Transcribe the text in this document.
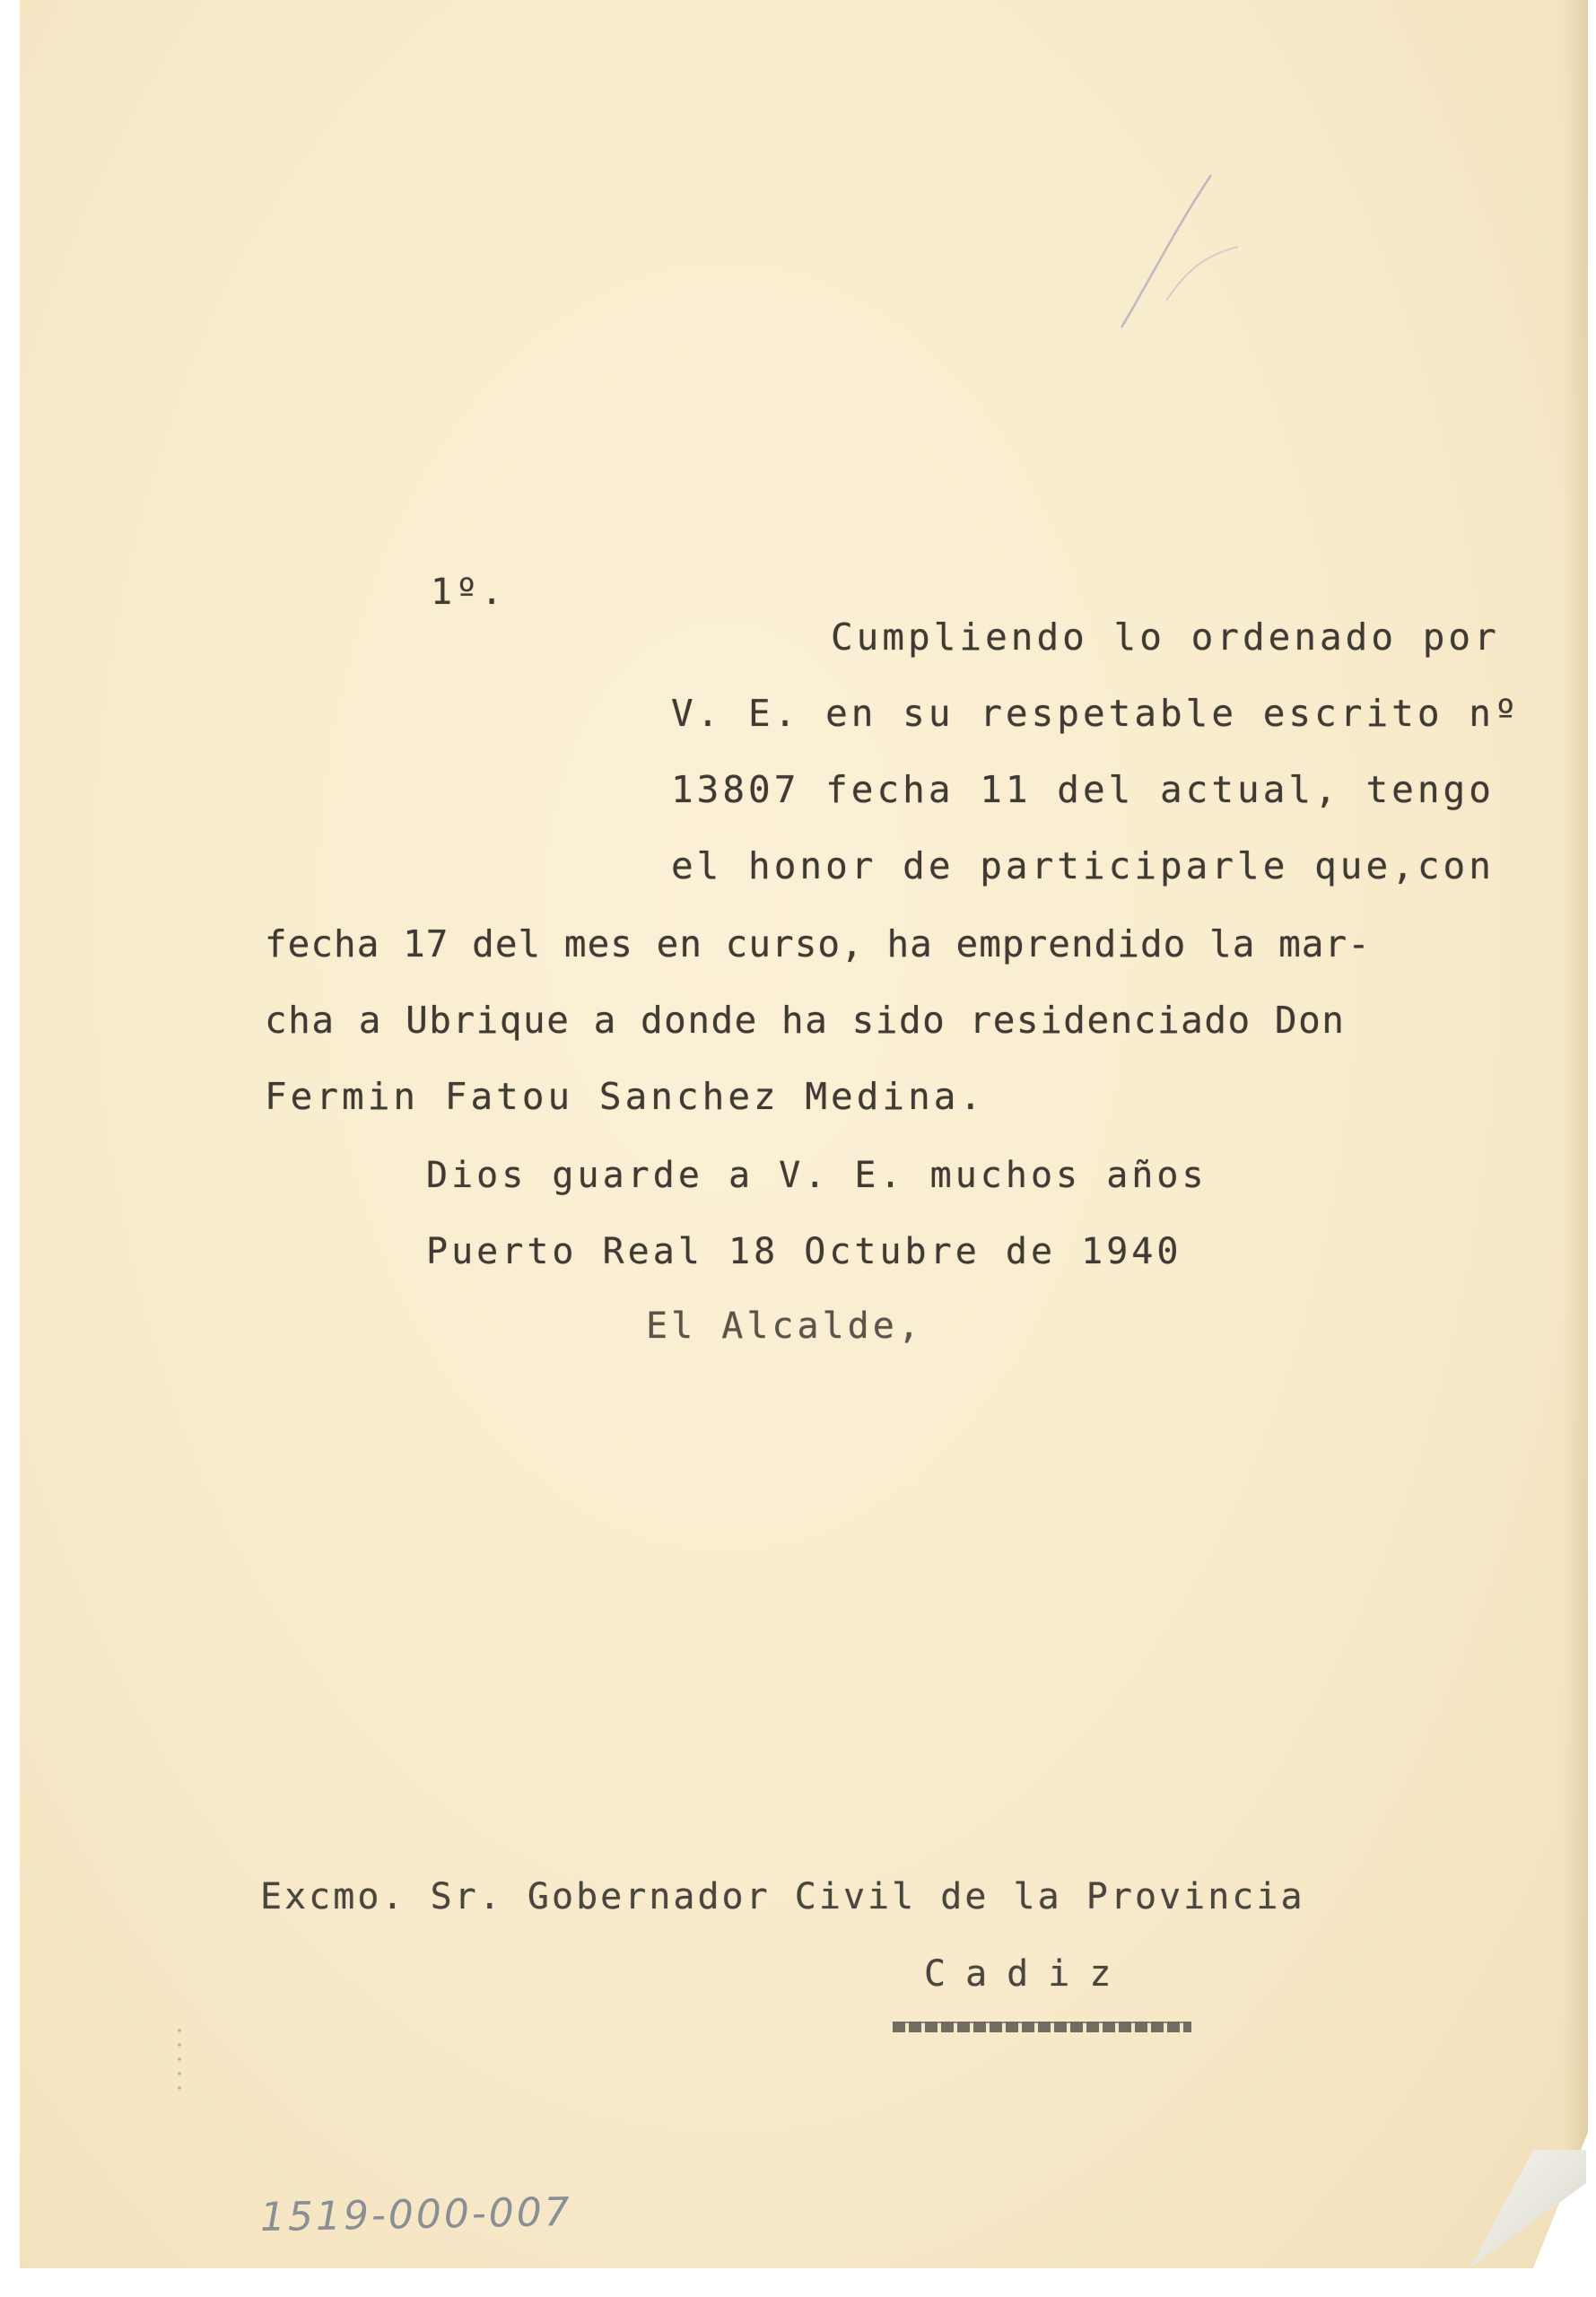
1º.
Cumpliendo lo ordenado por
V. E. en su respetable escrito nº
13807 fecha 11 del actual, tengo
el honor de participarle que,con
fecha 17 del mes en curso, ha emprendido la mar-
cha a Ubrique a donde ha sido residenciado Don
Fermin Fatou Sanchez Medina.
Dios guarde a V. E. muchos años
Puerto Real 18 Octubre de 1940
El Alcalde,
Excmo. Sr. Gobernador Civil de la Provincia
Cadiz
1519-000-007
